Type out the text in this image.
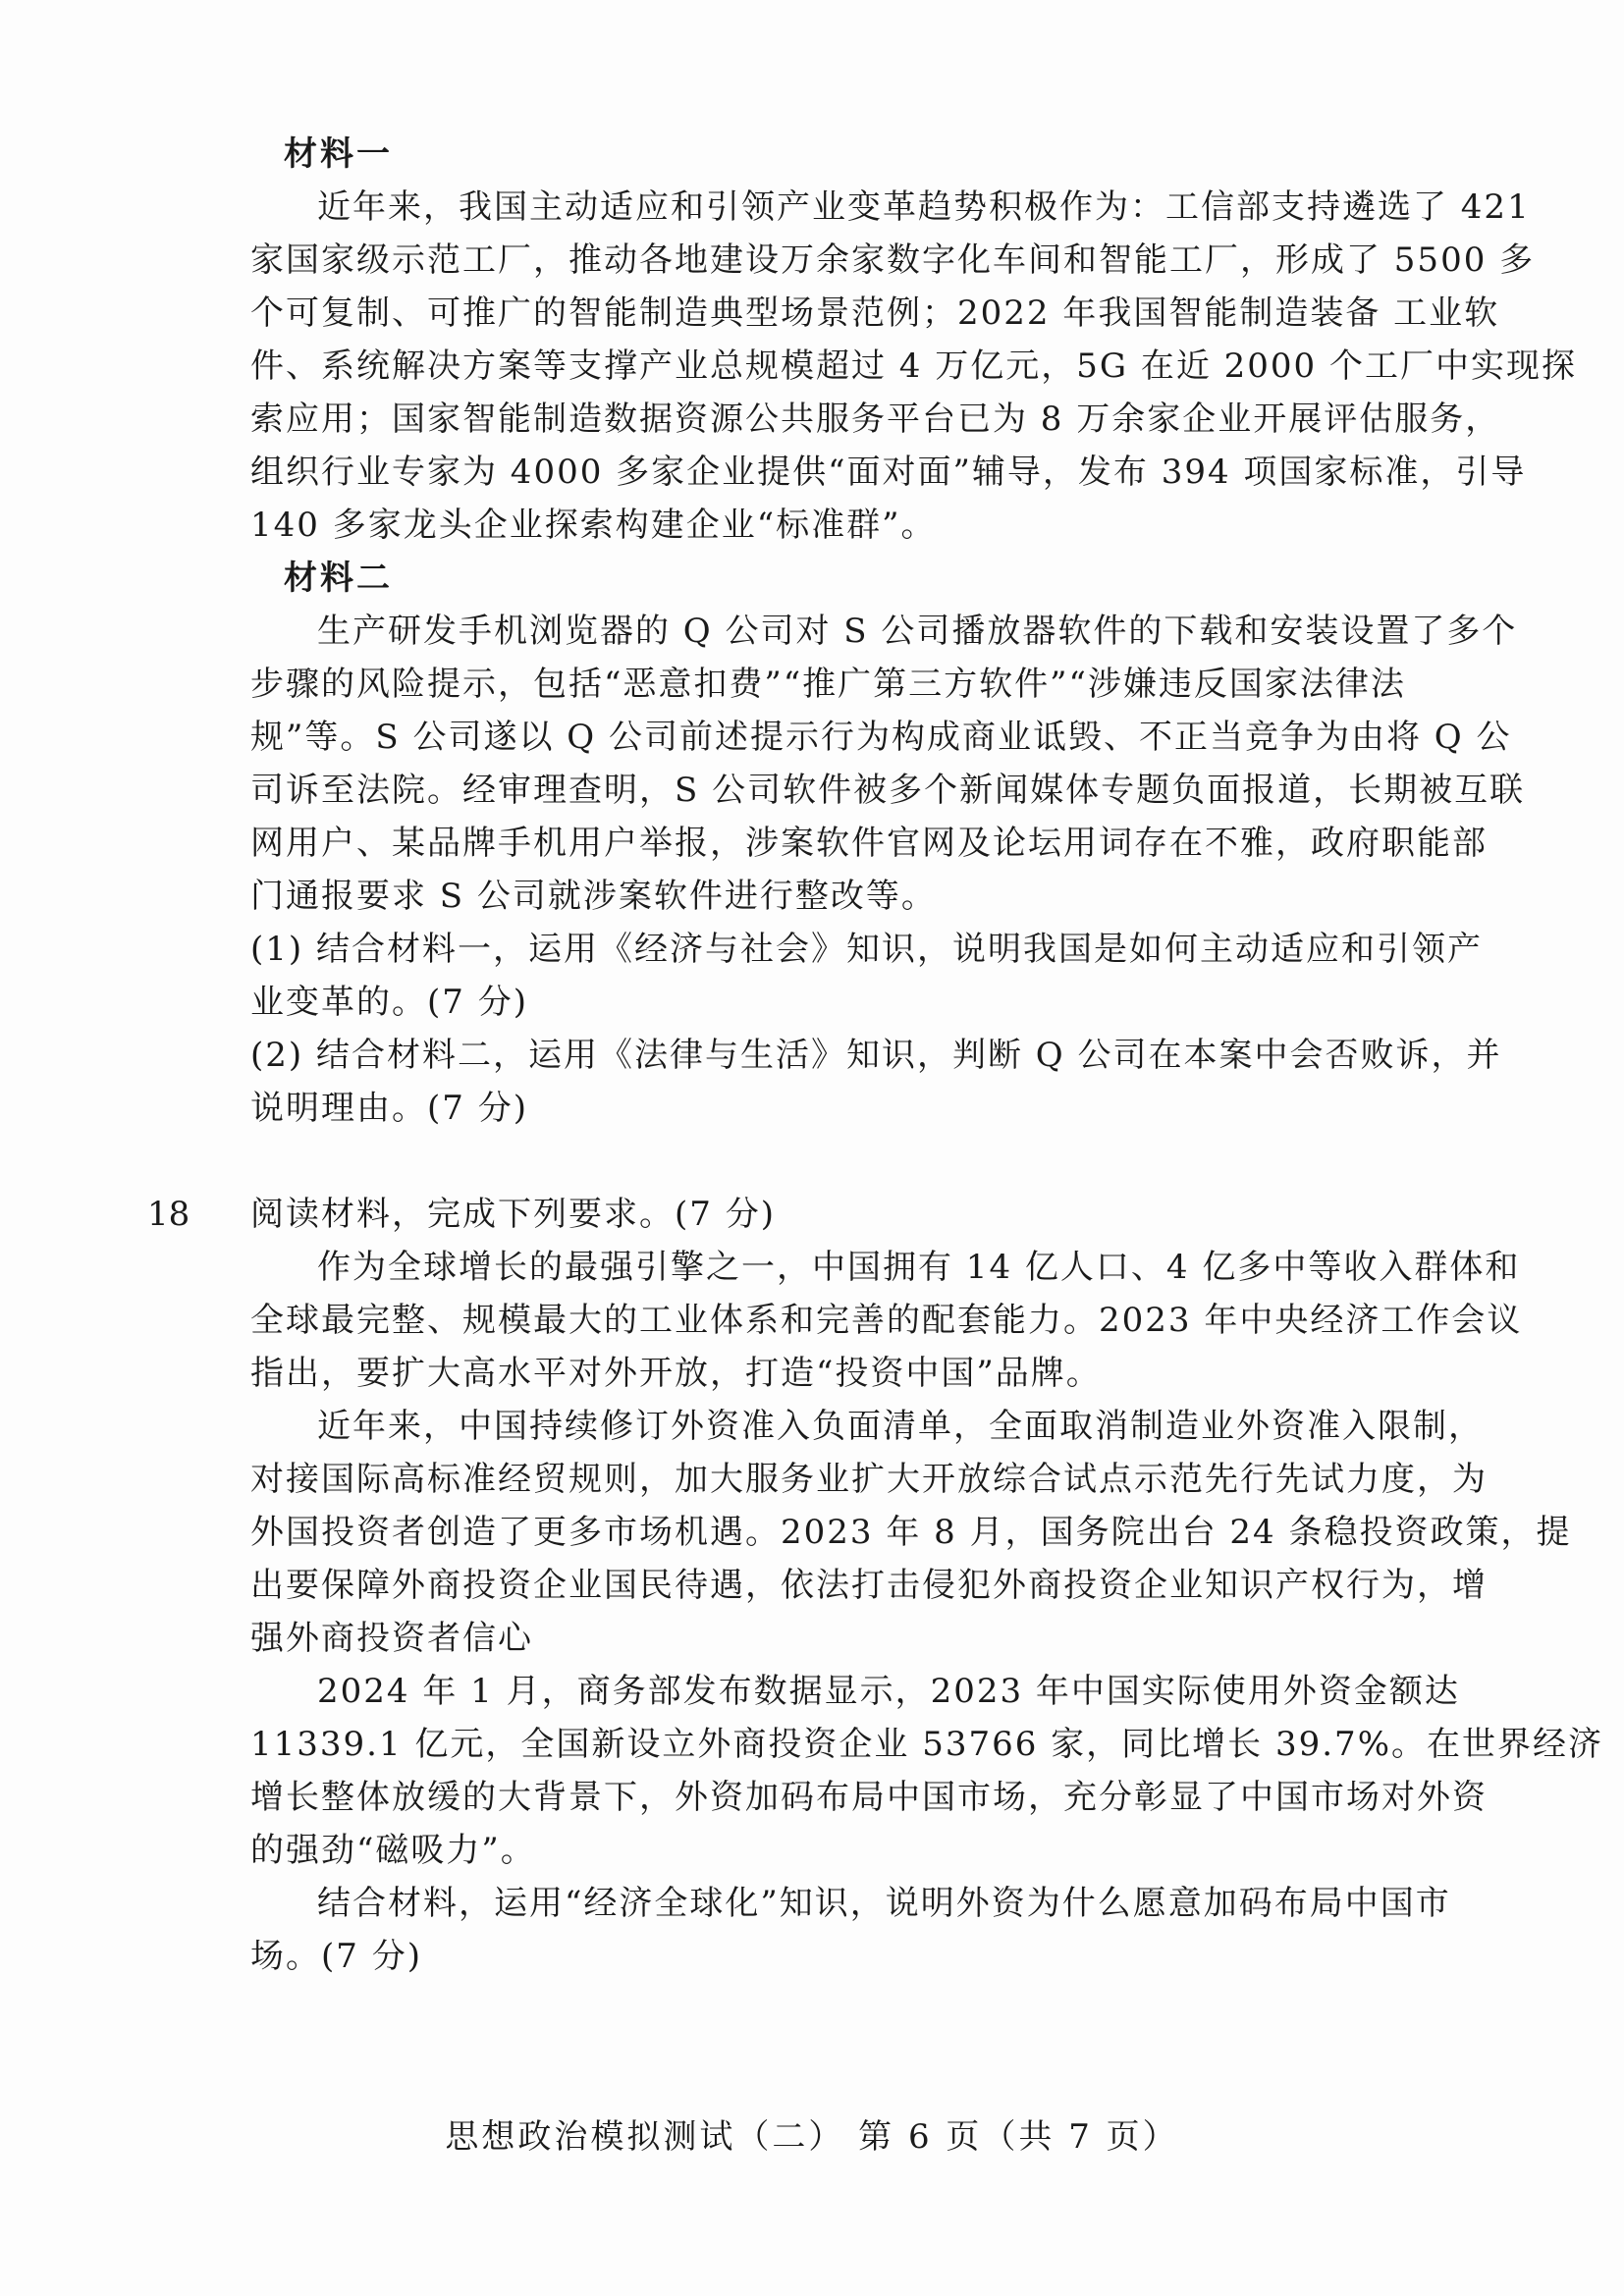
材料一
近年来，我国主动适应和引领产业变革趋势积极作为：工信部支持遴选了 421
家国家级示范工厂，推动各地建设万余家数字化车间和智能工厂，形成了 5500 多
个可复制、可推广的智能制造典型场景范例；2022 年我国智能制造装备 工业软
件、系统解决方案等支撑产业总规模超过 4 万亿元，5G 在近 2000 个工厂中实现探
索应用；国家智能制造数据资源公共服务平台已为 8 万余家企业开展评估服务，
组织行业专家为 4000 多家企业提供“面对面”辅导，发布 394 项国家标准，引导
140 多家龙头企业探索构建企业“标准群”。
材料二
生产研发手机浏览器的 Q 公司对 S 公司播放器软件的下载和安装设置了多个
步骤的风险提示，包括“恶意扣费”“推广第三方软件”“涉嫌违反国家法律法
规”等。S 公司遂以 Q 公司前述提示行为构成商业诋毁、不正当竞争为由将 Q 公
司诉至法院。经审理查明，S 公司软件被多个新闻媒体专题负面报道，长期被互联
网用户、某品牌手机用户举报，涉案软件官网及论坛用词存在不雅，政府职能部
门通报要求 S 公司就涉案软件进行整改等。
(1) 结合材料一，运用《经济与社会》知识，说明我国是如何主动适应和引领产
业变革的。(7 分)
(2) 结合材料二，运用《法律与生活》知识，判断 Q 公司在本案中会否败诉，并
说明理由。(7 分)
18 阅读材料，完成下列要求。(7 分)
作为全球增长的最强引擎之一，中国拥有 14 亿人口、4 亿多中等收入群体和
全球最完整、规模最大的工业体系和完善的配套能力。2023 年中央经济工作会议
指出，要扩大高水平对外开放，打造“投资中国”品牌。
近年来，中国持续修订外资准入负面清单，全面取消制造业外资准入限制，
对接国际高标准经贸规则，加大服务业扩大开放综合试点示范先行先试力度，为
外国投资者创造了更多市场机遇。2023 年 8 月，国务院出台 24 条稳投资政策，提
出要保障外商投资企业国民待遇，依法打击侵犯外商投资企业知识产权行为，增
强外商投资者信心
2024 年 1 月，商务部发布数据显示，2023 年中国实际使用外资金额达
11339.1 亿元，全国新设立外商投资企业 53766 家，同比增长 39.7%。在世界经济
增长整体放缓的大背景下，外资加码布局中国市场，充分彰显了中国市场对外资
的强劲“磁吸力”。
结合材料，运用“经济全球化”知识，说明外资为什么愿意加码布局中国市
场。(7 分)
思想政治模拟测试（二） 第 6 页（共 7 页）
